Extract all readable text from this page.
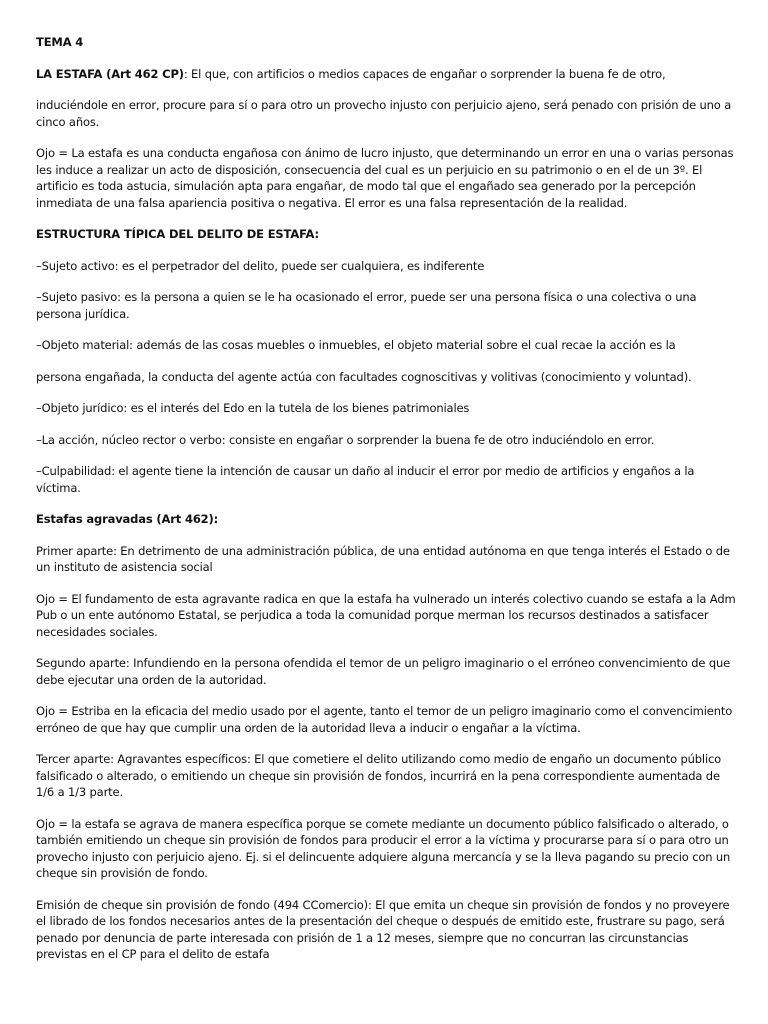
TEMA 4

LA ESTAFA (Art 462 CP): El que, con artificios o medios capaces de engañar o sorprender la buena fe de otro,

induciéndole en error, procure para sí o para otro un provecho injusto con perjuicio ajeno, será penado con prisión de uno a cinco años.

Ojo = La estafa es una conducta engañosa con ánimo de lucro injusto, que determinando un error en una o varias personas les induce a realizar un acto de disposición, consecuencia del cual es un perjuicio en su patrimonio o en el de un 3º. El artificio es toda astucia, simulación apta para engañar, de modo tal que el engañado sea generado por la percepción inmediata de una falsa apariencia positiva o negativa. El error es una falsa representación de la realidad.

ESTRUCTURA TÍPICA DEL DELITO DE ESTAFA:

–Sujeto activo: es el perpetrador del delito, puede ser cualquiera, es indiferente

–Sujeto pasivo: es la persona a quien se le ha ocasionado el error, puede ser una persona física o una colectiva o una persona jurídica.

–Objeto material: además de las cosas muebles o inmuebles, el objeto material sobre el cual recae la acción es la

persona engañada, la conducta del agente actúa con facultades cognoscitivas y volitivas (conocimiento y voluntad).

–Objeto jurídico: es el interés del Edo en la tutela de los bienes patrimoniales

–La acción, núcleo rector o verbo: consiste en engañar o sorprender la buena fe de otro induciéndolo en error.

–Culpabilidad: el agente tiene la intención de causar un daño al inducir el error por medio de artificios y engaños a la víctima.

Estafas agravadas (Art 462):

Primer aparte: En detrimento de una administración pública, de una entidad autónoma en que tenga interés el Estado o de un instituto de asistencia social

Ojo = El fundamento de esta agravante radica en que la estafa ha vulnerado un interés colectivo cuando se estafa a la Adm Pub o un ente autónomo Estatal, se perjudica a toda la comunidad porque merman los recursos destinados a satisfacer necesidades sociales.

Segundo aparte: Infundiendo en la persona ofendida el temor de un peligro imaginario o el erróneo convencimiento de que debe ejecutar una orden de la autoridad.

Ojo = Estriba en la eficacia del medio usado por el agente, tanto el temor de un peligro imaginario como el convencimiento erróneo de que hay que cumplir una orden de la autoridad lleva a inducir o engañar a la víctima.

Tercer aparte: Agravantes específicos: El que cometiere el delito utilizando como medio de engaño un documento público falsificado o alterado, o emitiendo un cheque sin provisión de fondos, incurrirá en la pena correspondiente aumentada de 1/6 a 1/3 parte.

Ojo = la estafa se agrava de manera específica porque se comete mediante un documento público falsificado o alterado, o también emitiendo un cheque sin provisión de fondos para producir el error a la víctima y procurarse para sí o para otro un provecho injusto con perjuicio ajeno. Ej. si el delincuente adquiere alguna mercancía y se la lleva pagando su precio con un cheque sin provisión de fondo.

Emisión de cheque sin provisión de fondo (494 CComercio): El que emita un cheque sin provisión de fondos y no proveyere el librado de los fondos necesarios antes de la presentación del cheque o después de emitido este, frustrare su pago, será penado por denuncia de parte interesada con prisión de 1 a 12 meses, siempre que no concurran las circunstancias previstas en el CP para el delito de estafa
